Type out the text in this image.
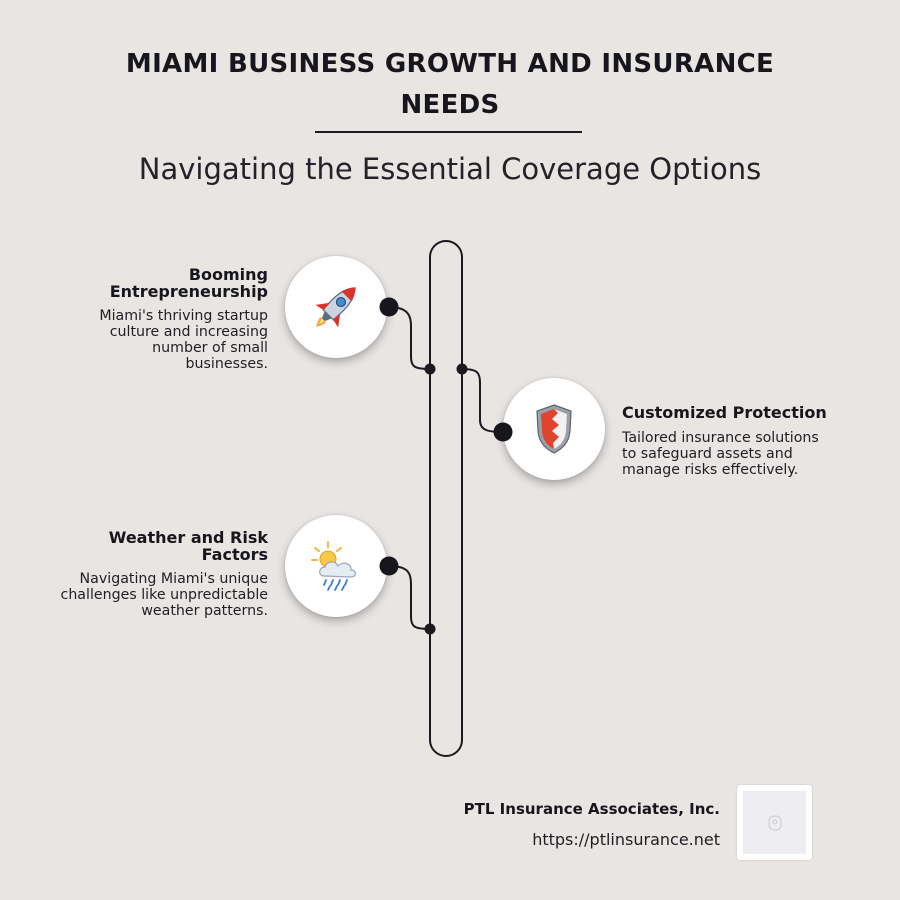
MIAMI BUSINESS GROWTH AND INSURANCE NEEDS
Navigating the Essential Coverage Options
Booming Entrepreneurship
Miami's thriving startup culture and increasing number of small businesses.
Customized Protection
Tailored insurance solutions to safeguard assets and manage risks effectively.
Weather and Risk Factors
Navigating Miami's unique challenges like unpredictable weather patterns.
PTL Insurance Associates, Inc.
https://ptlinsurance.net
